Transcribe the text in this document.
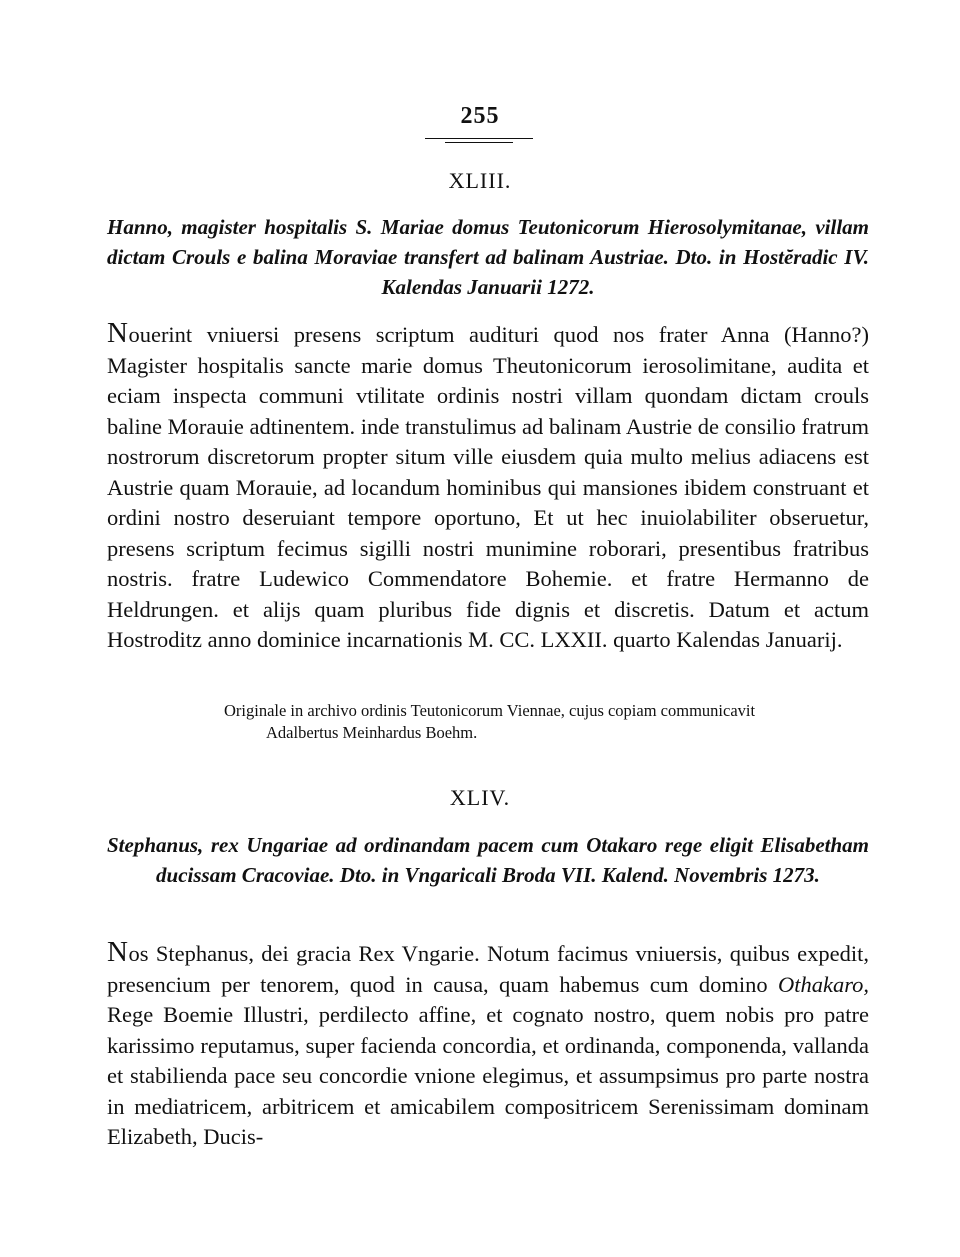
255
XLIII.
Hanno, magister hospitalis S. Mariae domus Teutonicorum Hierosolymitanae, villam dictam Crouls e balina Moraviae transfert ad balinam Austriae. Dto. in Hostĕradic IV. Kalendas Januarii 1272.

Nouerint vniuersi presens scriptum audituri quod nos frater Anna (Hanno?) Magister hospitalis sancte marie domus Theutonicorum ierosolimitane, audita et eciam inspecta communi vtilitate ordinis nostri villam quondam dictam crouls baline Morauie adtinentem. inde transtulimus ad balinam Austrie de consilio fratrum nostrorum discretorum propter situm ville eiusdem quia multo melius adiacens est Austrie quam Morauie, ad locandum hominibus qui mansiones ibidem construant et ordini nostro deseruiant tempore oportuno, Et ut hec inuiolabiliter obseruetur, presens scriptum fecimus sigilli nostri munimine roborari, presentibus fratribus nostris. fratre Ludewico Commendatore Bohemie. et fratre Hermanno de Heldrungen. et alijs quam pluribus fide dignis et discretis. Datum et actum Hostroditz anno dominice incarnationis M. CC. LXXII. quarto Kalendas Januarij.

Originale in archivo ordinis Teutonicorum Viennae, cujus copiam communicavit
Adalbertus Meinhardus Boehm.
XLIV.
Stephanus, rex Ungariae ad ordinandam pacem cum Otakaro rege eligit Elisabetham ducissam Cracoviae. Dto. in Vngaricali Broda VII. Kalend. Novembris 1273.

Nos Stephanus, dei gracia Rex Vngarie. Notum facimus vniuersis, quibus expedit, presencium per tenorem, quod in causa, quam habemus cum domino Othakaro, Rege Boemie Illustri, perdilecto affine, et cognato nostro, quem nobis pro patre karissimo reputamus, super facienda concordia, et ordinanda, componenda, vallanda et stabilienda pace seu concordie vnione elegimus, et assumpsimus pro parte nostra in mediatricem, arbitricem et amicabilem compositricem Serenissimam dominam Elizabeth, Ducis-
